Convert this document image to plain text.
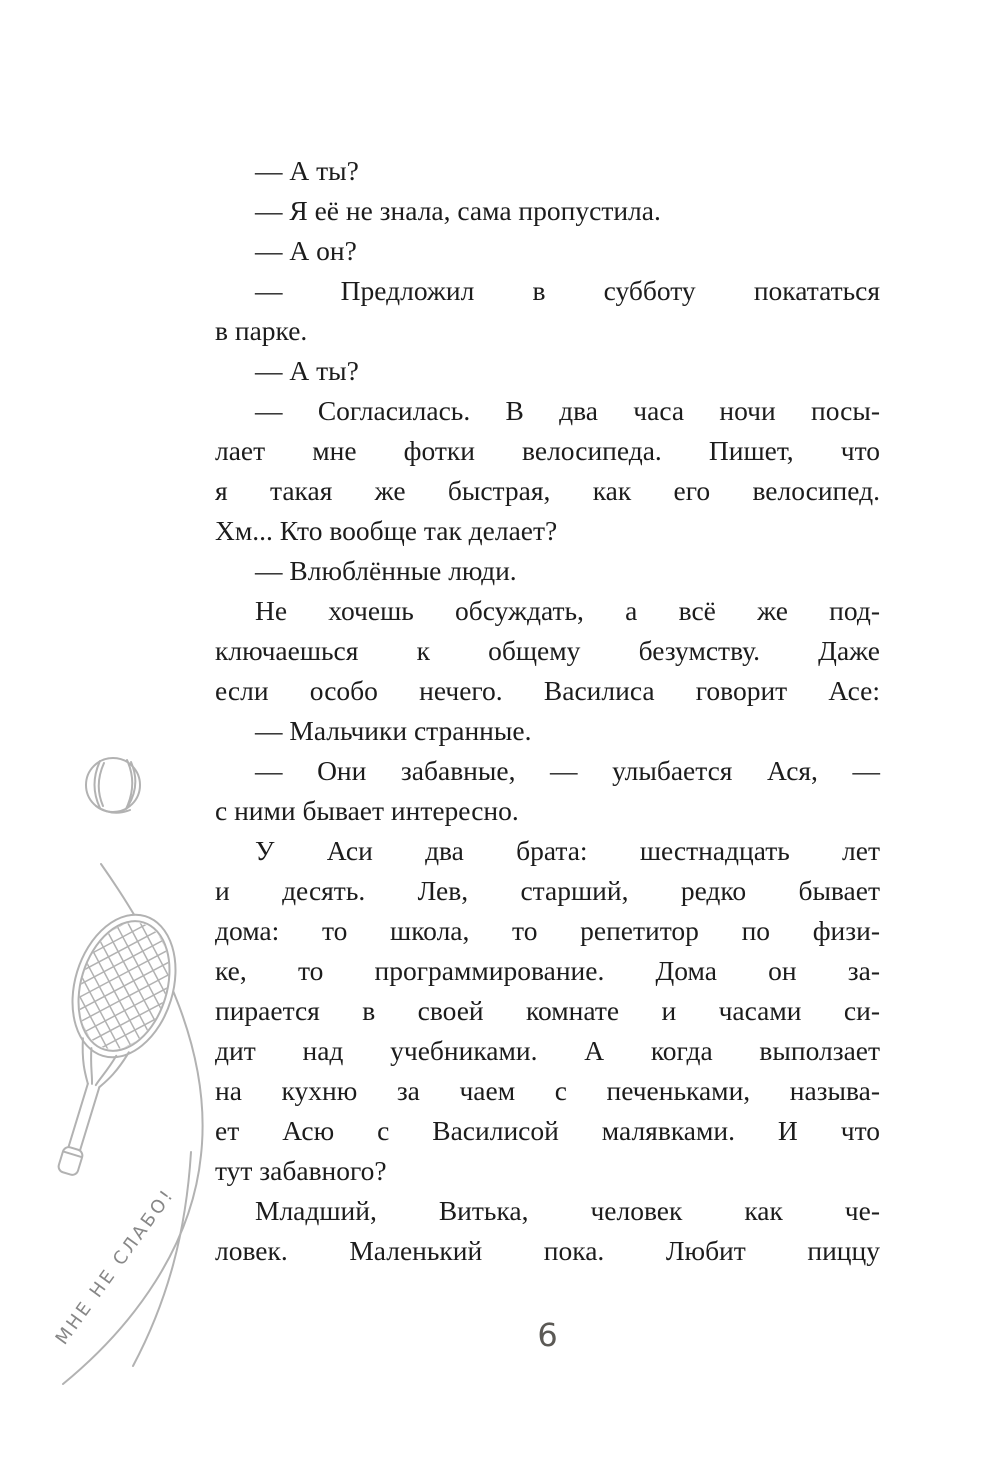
МНЕ НЕ СЛАБО!
— А ты?
— Я её не знала, сама пропустила.
— А он?
— Предложил в субботу покататься
в парке.
— А ты?
— Согласилась. В два часа ночи посы-
лает мне фотки велосипеда. Пишет, что
я такая же быстрая, как его велосипед.
Хм... Кто вообще так делает?
— Влюблённые люди.
Не хочешь обсуждать, а всё же под-
ключаешься к общему безумству. Даже
если особо нечего. Василиса говорит Асе:
— Мальчики странные.
— Они забавные, — улыбается Ася, —
с ними бывает интересно.
У Аси два брата: шестнадцать лет
и десять. Лев, старший, редко бывает
дома: то школа, то репетитор по физи-
ке, то программирование. Дома он за-
пирается в своей комнате и часами си-
дит над учебниками. А когда выползает
на кухню за чаем с печеньками, называ-
ет Асю с Василисой малявками. И что
тут забавного?
Младший, Витька, человек как че-
ловек. Маленький пока. Любит пиццу
6
